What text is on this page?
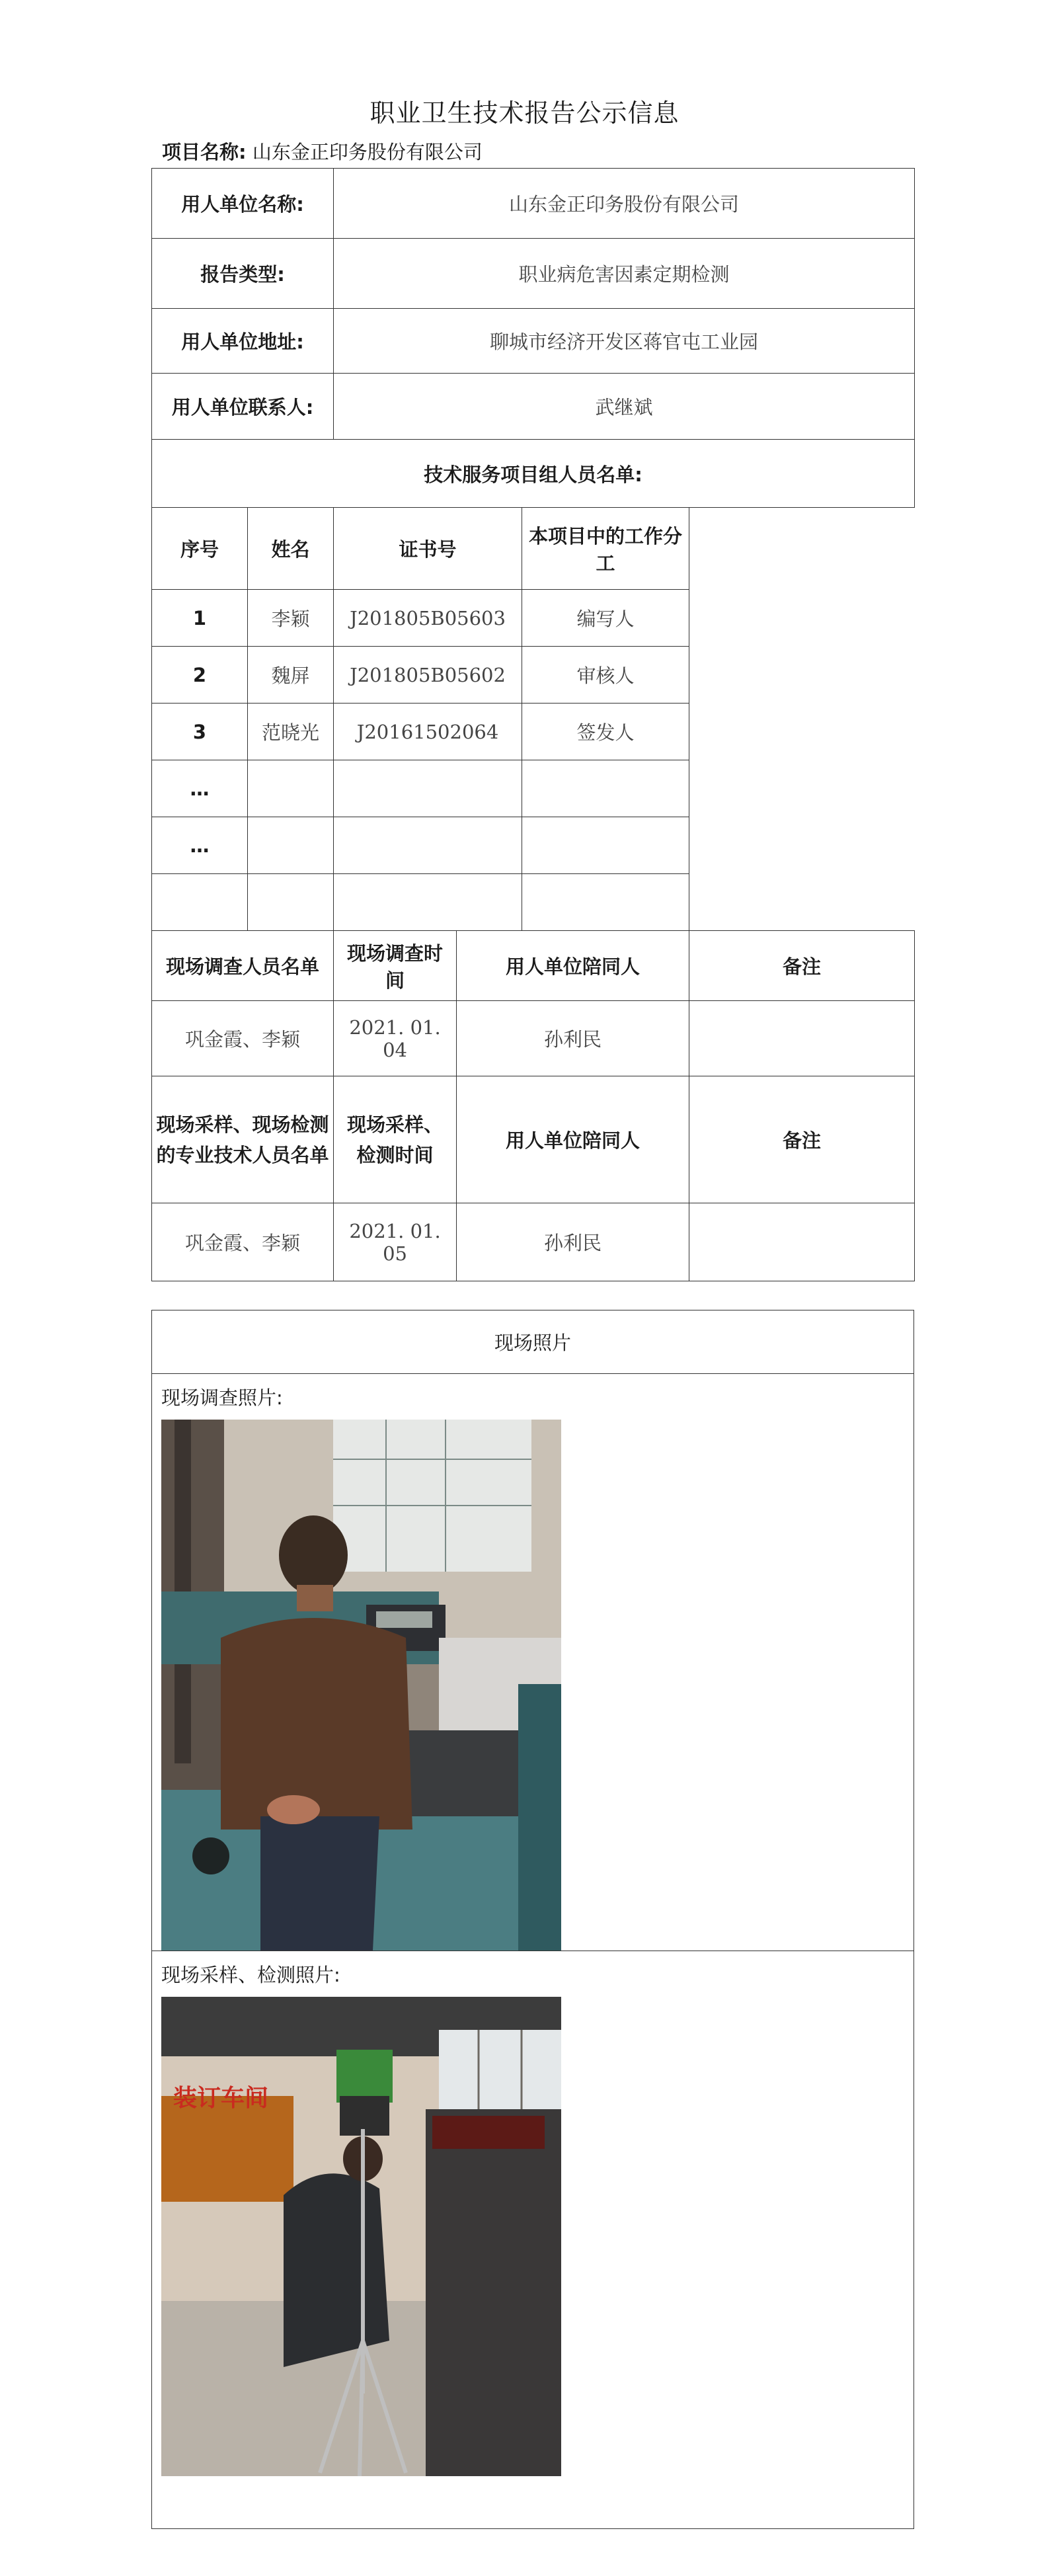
职业卫生技术报告公示信息
项目名称: 山东金正印务股份有限公司
用人单位名称:		山东金正印务股份有限公司			
报告类型:		职业病危害因素定期检测			
用人单位地址:		聊城市经济开发区蒋官屯工业园			
用人单位联系人:		武继斌			
技术服务项目组人员名单:					
序号	姓名	证书号		本项目中的工作分工	
1	李颖	J201805B05603		编写人	
2	魏屏	J201805B05602		审核人	
3	范晓光	J20161502064		签发人	
…					
…					

现场调查人员名单		现场调查时间	用人单位陪同人		备注
巩金霞、李颖		2021. 01. 04	孙利民		
现场采样、现场检测的专业技术人员名单		现场采样、检测时间	用人单位陪同人		备注
巩金霞、李颖		2021. 01. 05	孙利民		
现场照片

现场调查照片:

现场采样、检测照片:
装订车间
